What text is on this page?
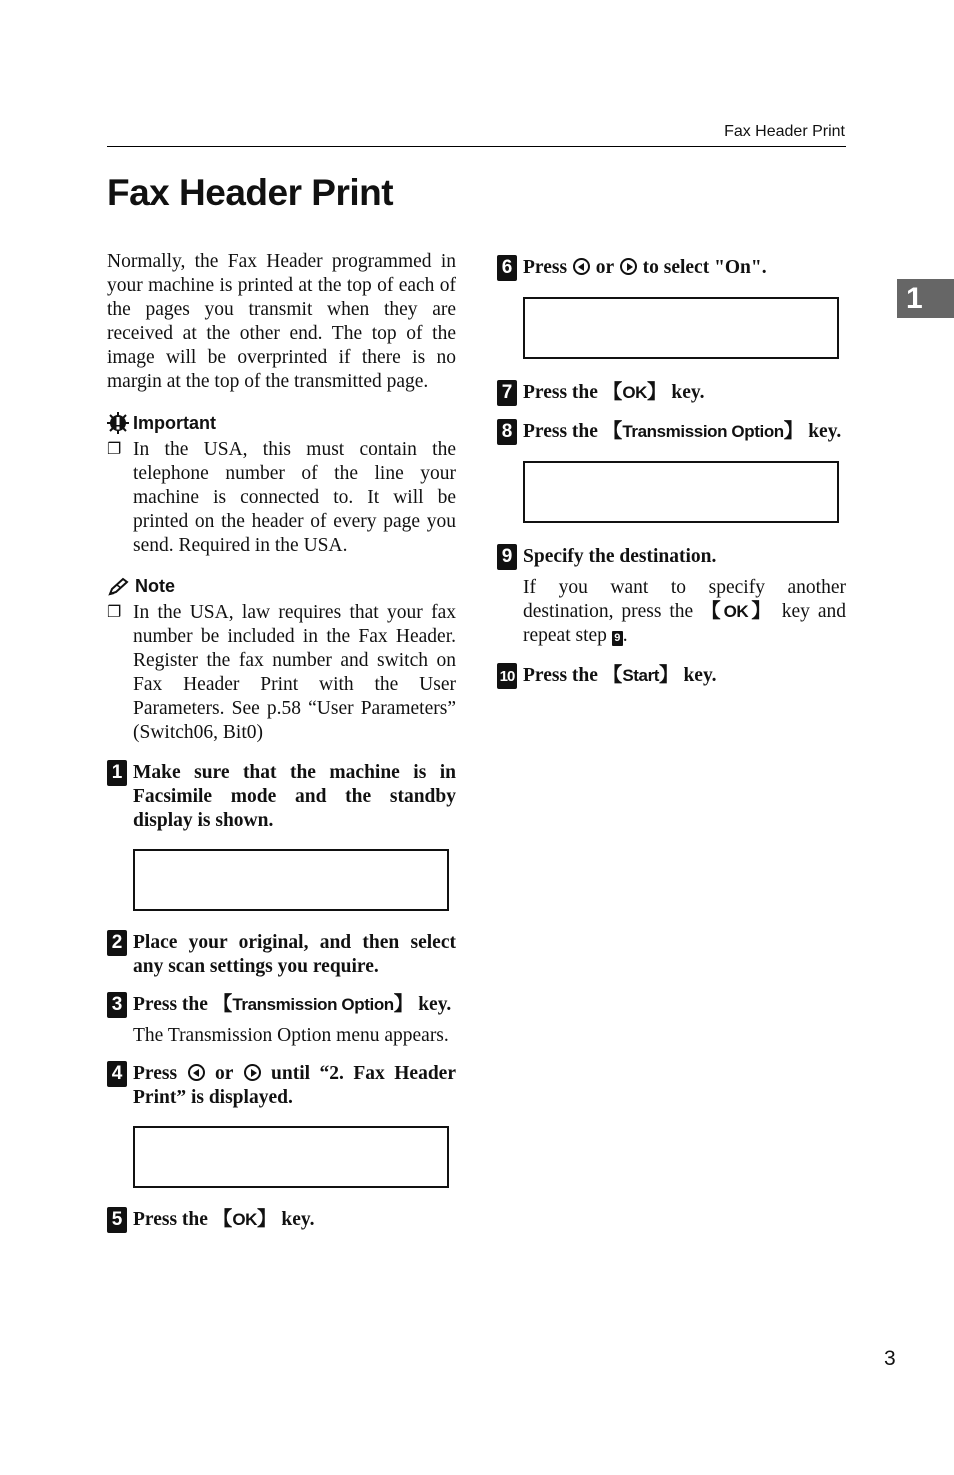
Fax Header Print
Fax Header Print
1
3

Normally, the Fax Header programmed in your machine is printed at the top of each of the pages you transmit when they are received at the other end. The top of the image will be overprinted if there is no margin at the top of the transmitted page.

Important
❐ In the USA, this must contain the telephone number of the line your machine is connected to. It will be printed on the header of every page you send. Required in the USA.
Note
❐ In the USA, law requires that your fax number be included in the Fax Header. Register the fax number and switch on Fax Header Print with the User Parameters. See p.58 “User Parameters” (Switch06, Bit0)
1 Make sure that the machine is in Facsimile mode and the standby display is shown.

2 Place your original, and then select any scan settings you require.
3 Press the 【Transmission Option】 key.
The Transmission Option menu appears.
4 Press  or  until “2. Fax Header Print” is displayed.

5 Press the 【OK】 key.
6 Press  or  to select "On".

7 Press the 【OK】 key.
8 Press the 【Transmission Option】 key.

9 Specify the destination.
If you want to specify another destination, press the 【OK】 key and repeat step 9 .
10 Press the 【Start】 key.
